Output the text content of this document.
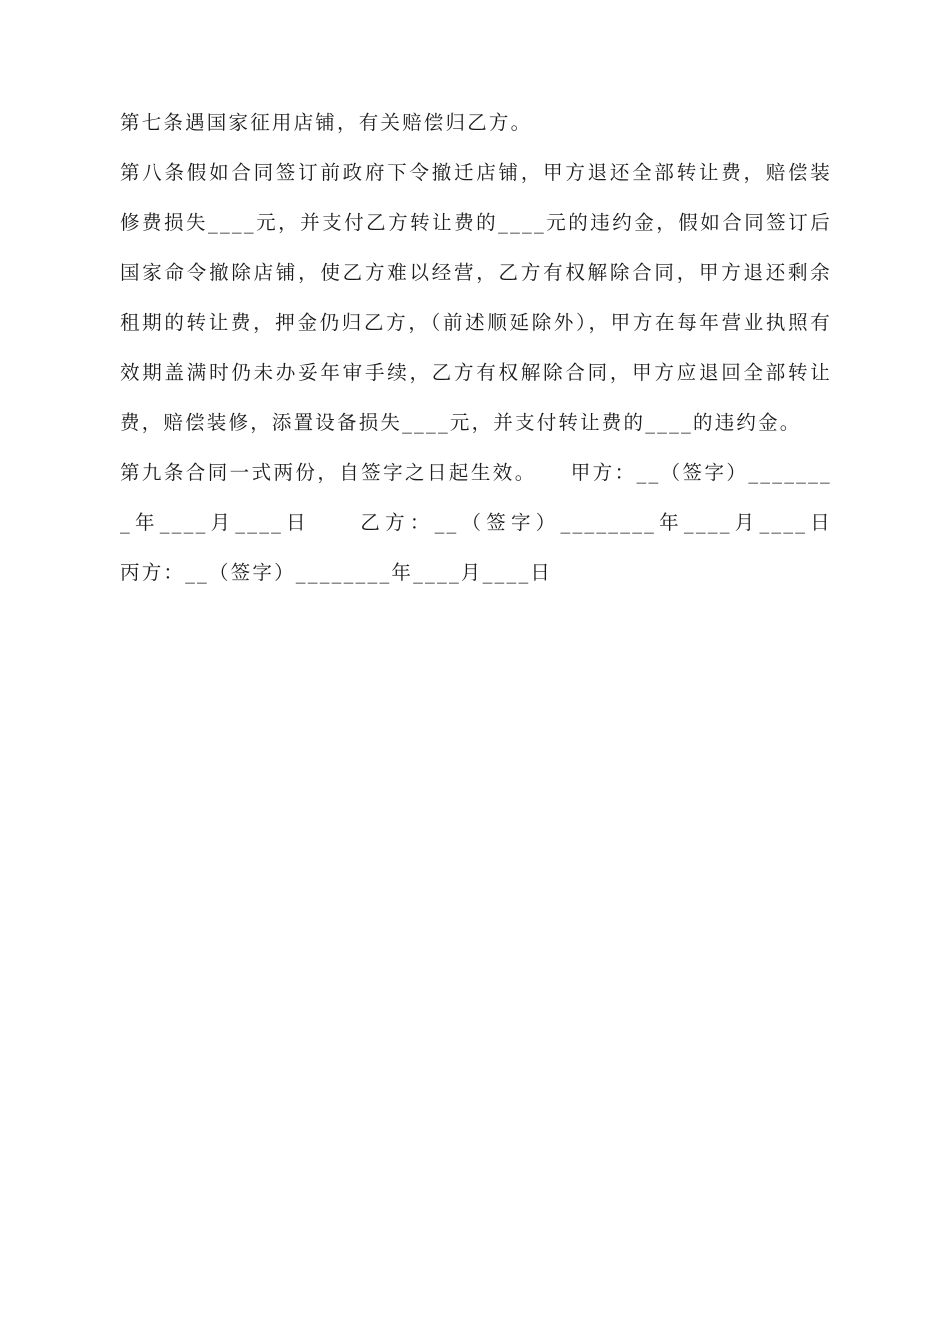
第七条遇国家征用店铺，有关赔偿归乙方。

第八条假如合同签订前政府下令撤迁店铺，甲方退还全部转让费，赔偿装修费损失____元，并支付乙方转让费的____元的违约金，假如合同签订后国家命令撤除店铺，使乙方难以经营，乙方有权解除合同，甲方退还剩余租期的转让费，押金仍归乙方，（前述顺延除外），甲方在每年营业执照有效期盖满时仍未办妥年审手续，乙方有权解除合同，甲方应退回全部转让费，赔偿装修，添置设备损失____元，并支付转让费的____的违约金。

第九条合同一式两份，自签字之日起生效。　　甲方：__（签字）________年____月____日　　乙方：__（签字）________年____月____日　　丙方：__（签字）________年____月____日
